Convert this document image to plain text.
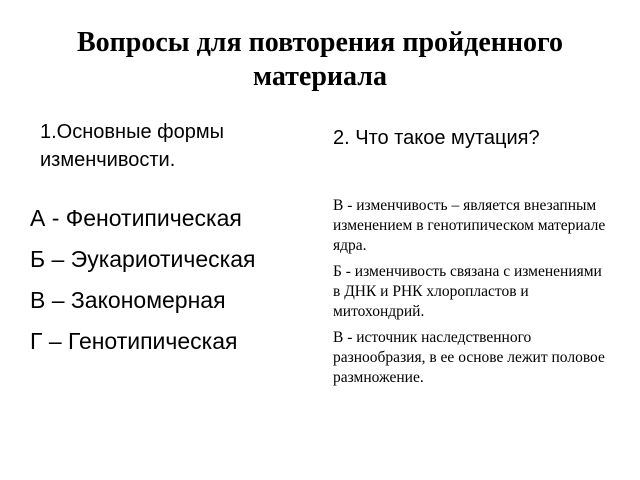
Вопросы для повторения пройденного материала
1.Основные формы изменчивости.
2. Что такое мутация?
А - Фенотипическая
Б – Эукариотическая
В – Закономерная
Г – Генотипическая
В - изменчивость – является внезапным изменением в генотипическом материале ядра.
Б - изменчивость связана с изменениями в ДНК и РНК хлоропластов и митохондрий.
В - источник наследственного разнообразия, в ее основе лежит половое размножение.
